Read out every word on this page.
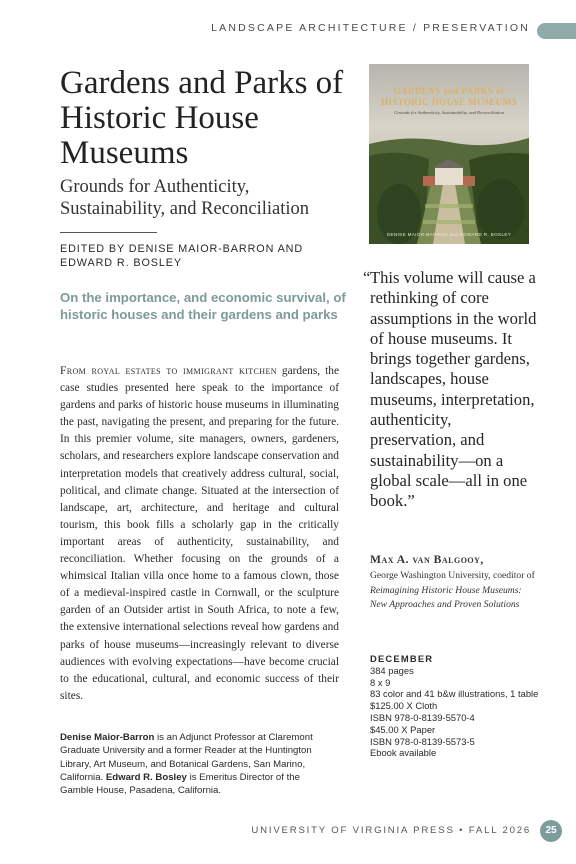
LANDSCAPE ARCHITECTURE / PRESERVATION
Gardens and Parks of Historic House Museums
Grounds for Authenticity, Sustainability, and Reconciliation
EDITED BY DENISE MAIOR-BARRON AND EDWARD R. BOSLEY
On the importance, and economic survival, of historic houses and their gardens and parks
From royal estates to immigrant kitchen gardens, the case studies presented here speak to the importance of gardens and parks of historic house museums in illuminating the past, navigating the present, and preparing for the future. In this premier volume, site managers, owners, gardeners, scholars, and researchers explore landscape conservation and interpretation models that creatively address cultural, social, political, and climate change. Situated at the intersection of landscape, art, architecture, and heritage and cultural tourism, this book fills a scholarly gap in the critically important areas of authenticity, sustainability, and reconciliation. Whether focusing on the grounds of a whimsical Italian villa once home to a famous clown, those of a medieval-inspired castle in Cornwall, or the sculpture garden of an Outsider artist in South Africa, to note a few, the extensive international selections reveal how gardens and parks of house museums—increasingly relevant to diverse audiences with evolving expectations—have become crucial to the educational, cultural, and economic success of their sites.
Denise Maior-Barron is an Adjunct Professor at Claremont Graduate University and a former Reader at the Huntington Library, Art Museum, and Botanical Gardens, San Marino, California. Edward R. Bosley is Emeritus Director of the Gamble House, Pasadena, California.
GARDENS and PARKS of
HISTORIC HOUSE MUSEUMS
Grounds for Authenticity, Sustainability, and Reconciliation
DENISE MAIOR-BARRON and EDWARD R. BOSLEY
“ This volume will cause a rethinking of core assumptions in the world of house museums. It brings together gardens, landscapes, house museums, interpretation, authenticity, preservation, and sustainability—on a global scale—all in one book.”
Max A. van Balgooy,
George Washington University, coeditor of Reimagining Historic House Museums: New Approaches and Proven Solutions
DECEMBER
384 pages
8 x 9
83 color and 41 b&w illustrations, 1 table
$125.00 X Cloth
ISBN 978-0-8139-5570-4
$45.00 X Paper
ISBN 978-0-8139-5573-5
Ebook available
UNIVERSITY OF VIRGINIA PRESS • FALL 2026	25
